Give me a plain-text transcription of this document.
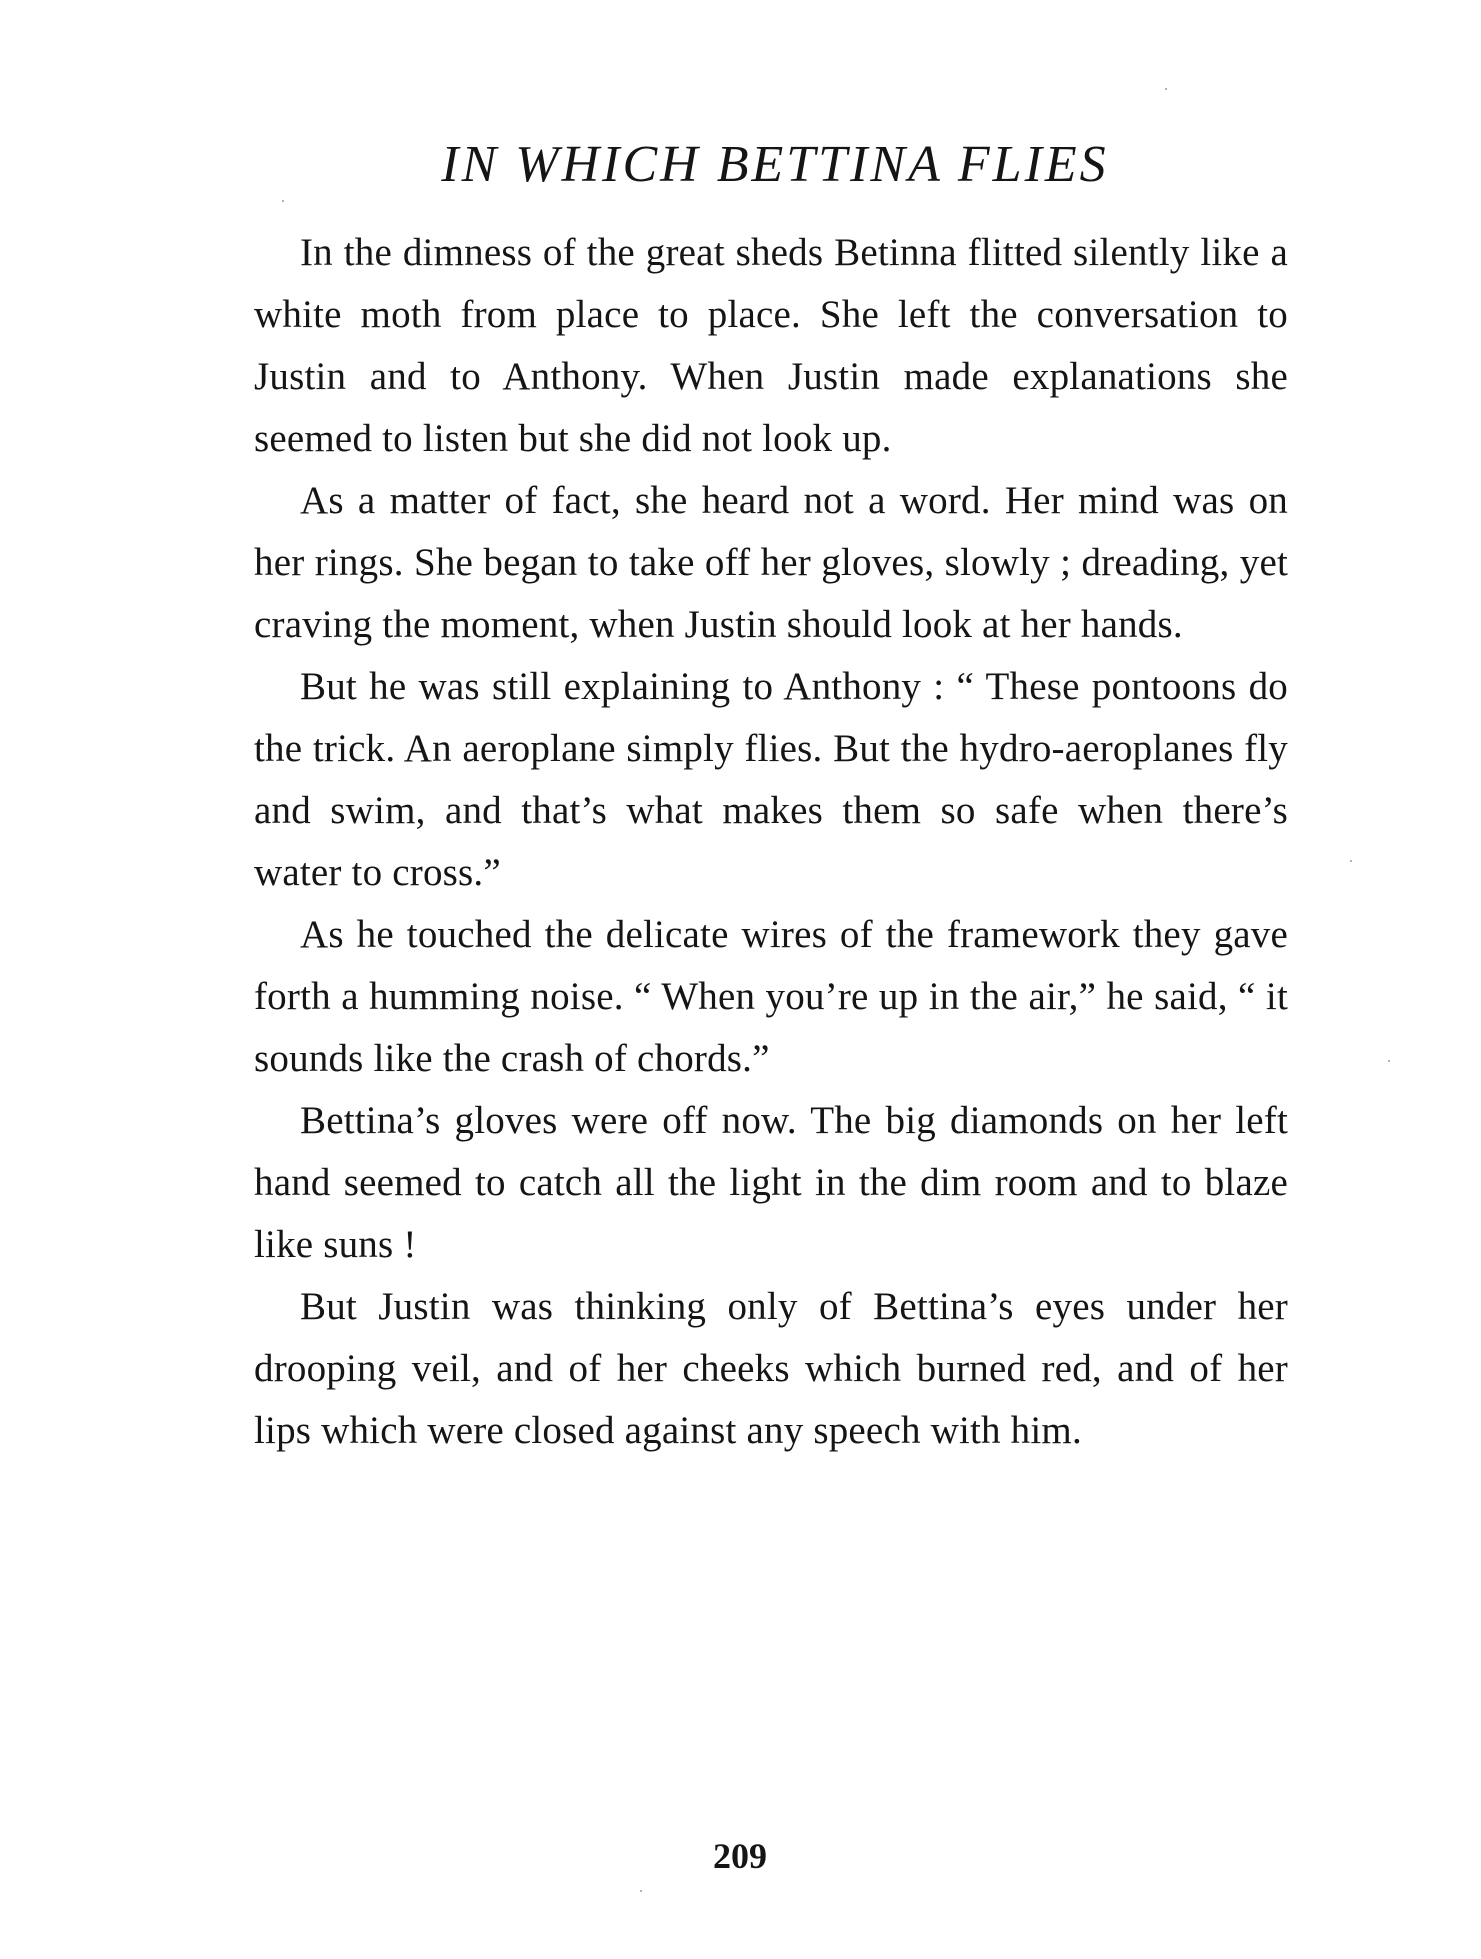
IN WHICH BETTINA FLIES

In the dimness of the great sheds Betinna flitted silently like a white moth from place to place. She left the conversation to Justin and to Anthony. When Justin made explanations she seemed to listen but she did not look up.

As a matter of fact, she heard not a word. Her mind was on her rings. She began to take off her gloves, slowly ; dreading, yet craving the moment, when Justin should look at her hands.

But he was still explaining to Anthony : “ These pontoons do the trick. An aeroplane simply flies. But the hydro-aeroplanes fly and swim, and that’s what makes them so safe when there’s water to cross.”

As he touched the delicate wires of the framework they gave forth a humming noise. “ When you’re up in the air,” he said, “ it sounds like the crash of chords.”

Bettina’s gloves were off now. The big diamonds on her left hand seemed to catch all the light in the dim room and to blaze like suns !

But Justin was thinking only of Bettina’s eyes under her drooping veil, and of her cheeks which burned red, and of her lips which were closed against any speech with him.

209
